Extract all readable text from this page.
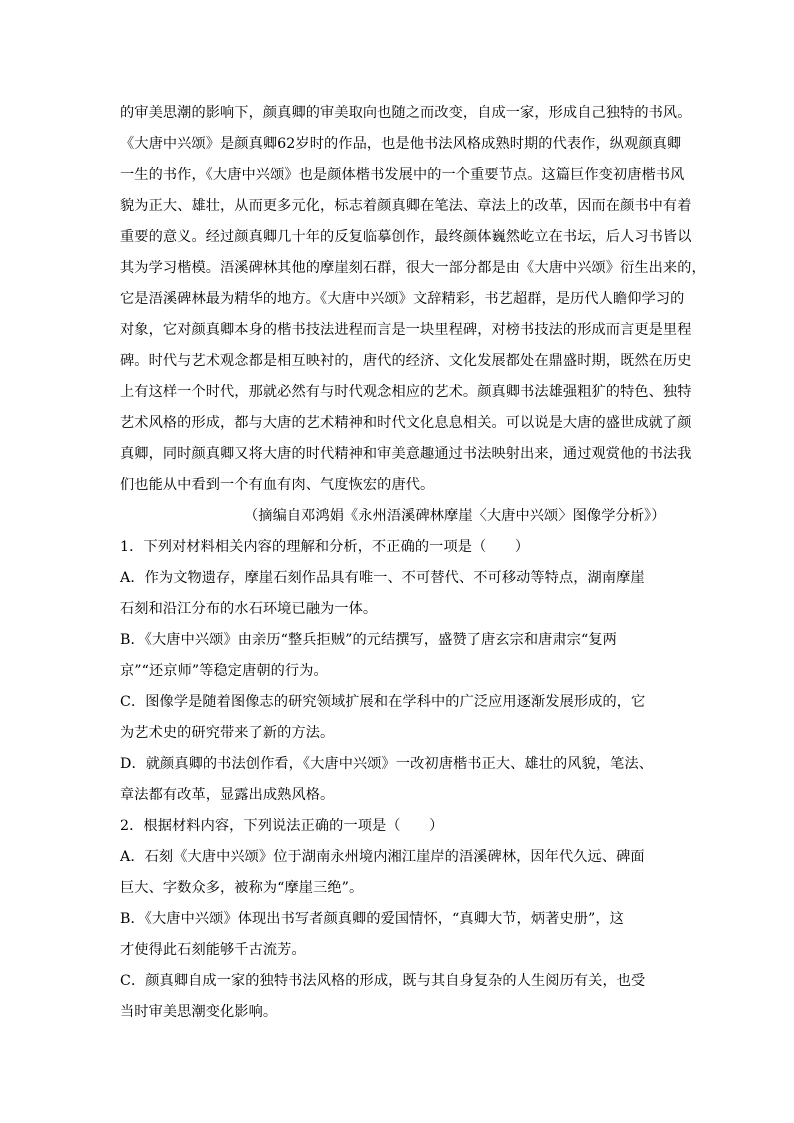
的审美思潮的影响下，颜真卿的审美取向也随之而改变，自成一家，形成自己独特的书风。
《大唐中兴颂》是颜真卿62岁时的作品，也是他书法风格成熟时期的代表作，纵观颜真卿
一生的书作，《大唐中兴颂》也是颜体楷书发展中的一个重要节点。这篇巨作变初唐楷书风
貌为正大、雄壮，从而更多元化，标志着颜真卿在笔法、章法上的改革，因而在颜书中有着
重要的意义。经过颜真卿几十年的反复临摹创作，最终颜体巍然屹立在书坛，后人习书皆以
其为学习楷模。浯溪碑林其他的摩崖刻石群，很大一部分都是由《大唐中兴颂》衍生出来的，
它是浯溪碑林最为精华的地方。《大唐中兴颂》文辞精彩，书艺超群，是历代人瞻仰学习的
对象，它对颜真卿本身的楷书技法进程而言是一块里程碑，对榜书技法的形成而言更是里程
碑。时代与艺术观念都是相互映衬的，唐代的经济、文化发展都处在鼎盛时期，既然在历史
上有这样一个时代，那就必然有与时代观念相应的艺术。颜真卿书法雄强粗犷的特色、独特
艺术风格的形成，都与大唐的艺术精神和时代文化息息相关。可以说是大唐的盛世成就了颜
真卿，同时颜真卿又将大唐的时代精神和审美意趣通过书法映射出来，通过观赏他的书法我
们也能从中看到一个有血有肉、气度恢宏的唐代。
（摘编自邓鸿娟《永州浯溪碑林摩崖〈大唐中兴颂〉图像学分析》）
1．下列对材料相关内容的理解和分析，不正确的一项是（　　）
A．作为文物遗存，摩崖石刻作品具有唯一、不可替代、不可移动等特点，湖南摩崖
石刻和沿江分布的水石环境已融为一体。
B．《大唐中兴颂》由亲历“整兵拒贼”的元结撰写，盛赞了唐玄宗和唐肃宗“复两
京”“还京师”等稳定唐朝的行为。
C．图像学是随着图像志的研究领域扩展和在学科中的广泛应用逐渐发展形成的，它
为艺术史的研究带来了新的方法。
D．就颜真卿的书法创作看，《大唐中兴颂》一改初唐楷书正大、雄壮的风貌，笔法、
章法都有改革，显露出成熟风格。
2．根据材料内容，下列说法正确的一项是（　　）
A．石刻《大唐中兴颂》位于湖南永州境内湘江崖岸的浯溪碑林，因年代久远、碑面
巨大、字数众多，被称为“摩崖三绝”。
B．《大唐中兴颂》体现出书写者颜真卿的爱国情怀，“真卿大节，炳著史册”，这
才使得此石刻能够千古流芳。
C．颜真卿自成一家的独特书法风格的形成，既与其自身复杂的人生阅历有关，也受
当时审美思潮变化影响。
